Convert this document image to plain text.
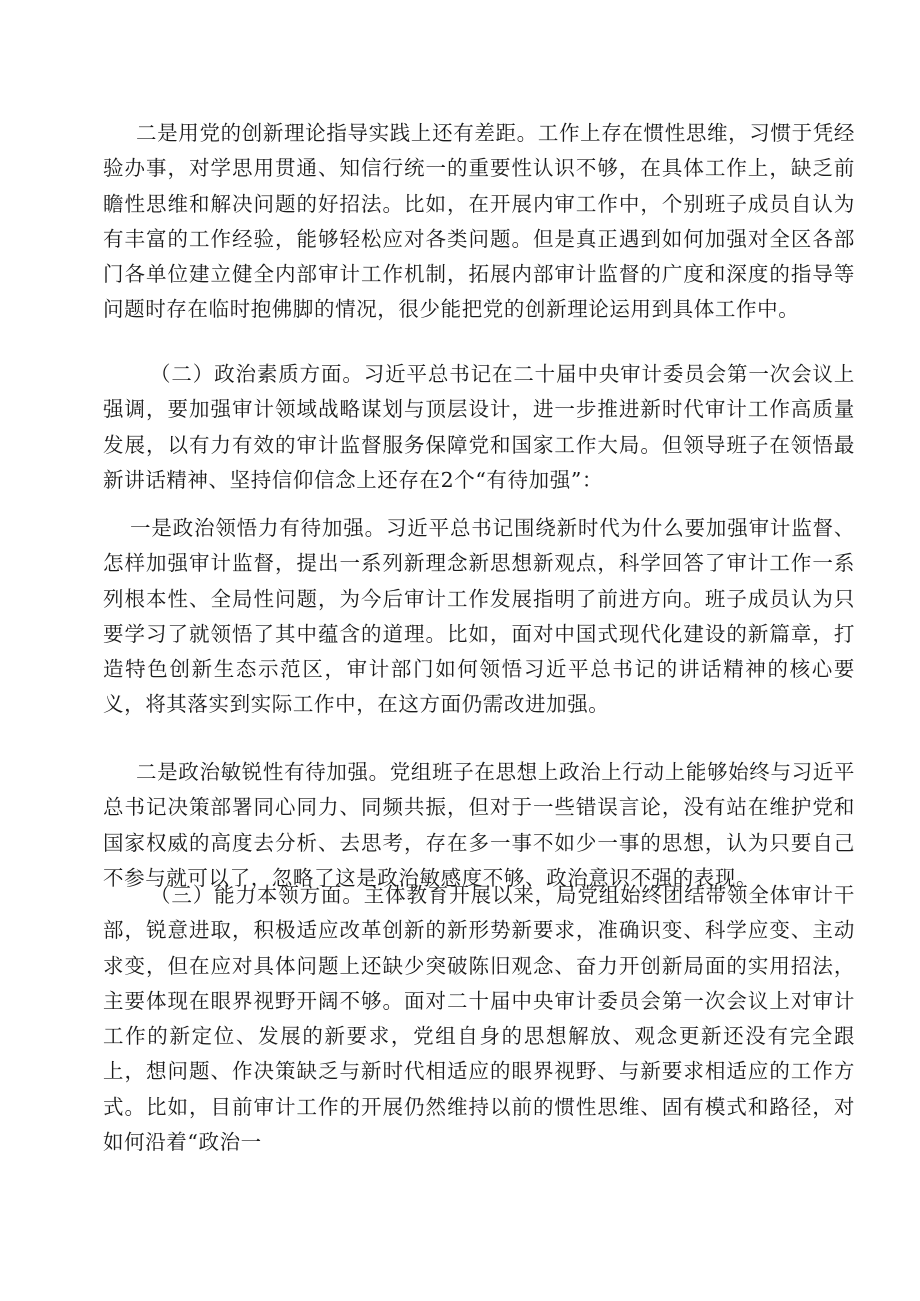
二是用党的创新理论指导实践上还有差距。工作上存在惯性思维，习惯于凭经验办事，对学思用贯通、知信行统一的重要性认识不够，在具体工作上，缺乏前瞻性思维和解决问题的好招法。比如，在开展内审工作中，个别班子成员自认为有丰富的工作经验，能够轻松应对各类问题。但是真正遇到如何加强对全区各部门各单位建立健全内部审计工作机制，拓展内部审计监督的广度和深度的指导等问题时存在临时抱佛脚的情况，很少能把党的创新理论运用到具体工作中。

（二）政治素质方面。习近平总书记在二十届中央审计委员会第一次会议上强调，要加强审计领域战略谋划与顶层设计，进一步推进新时代审计工作高质量发展，以有力有效的审计监督服务保障党和国家工作大局。但领导班子在领悟最新讲话精神、坚持信仰信念上还存在2个“有待加强”：

一是政治领悟力有待加强。习近平总书记围绕新时代为什么要加强审计监督、怎样加强审计监督，提出一系列新理念新思想新观点，科学回答了审计工作一系列根本性、全局性问题，为今后审计工作发展指明了前进方向。班子成员认为只要学习了就领悟了其中蕴含的道理。比如，面对中国式现代化建设的新篇章，打造特色创新生态示范区，审计部门如何领悟习近平总书记的讲话精神的核心要义，将其落实到实际工作中，在这方面仍需改进加强。

二是政治敏锐性有待加强。党组班子在思想上政治上行动上能够始终与习近平总书记决策部署同心同力、同频共振，但对于一些错误言论，没有站在维护党和国家权威的高度去分析、去思考，存在多一事不如少一事的思想，认为只要自己不参与就可以了，忽略了这是政治敏感度不够、政治意识不强的表现。

（三）能力本领方面。主体教育开展以来，局党组始终团结带领全体审计干部，锐意进取，积极适应改革创新的新形势新要求，准确识变、科学应变、主动求变，但在应对具体问题上还缺少突破陈旧观念、奋力开创新局面的实用招法，主要体现在眼界视野开阔不够。面对二十届中央审计委员会第一次会议上对审计工作的新定位、发展的新要求，党组自身的思想解放、观念更新还没有完全跟上，想问题、作决策缺乏与新时代相适应的眼界视野、与新要求相适应的工作方式。比如，目前审计工作的开展仍然维持以前的惯性思维、固有模式和路径，对如何沿着“政治一
